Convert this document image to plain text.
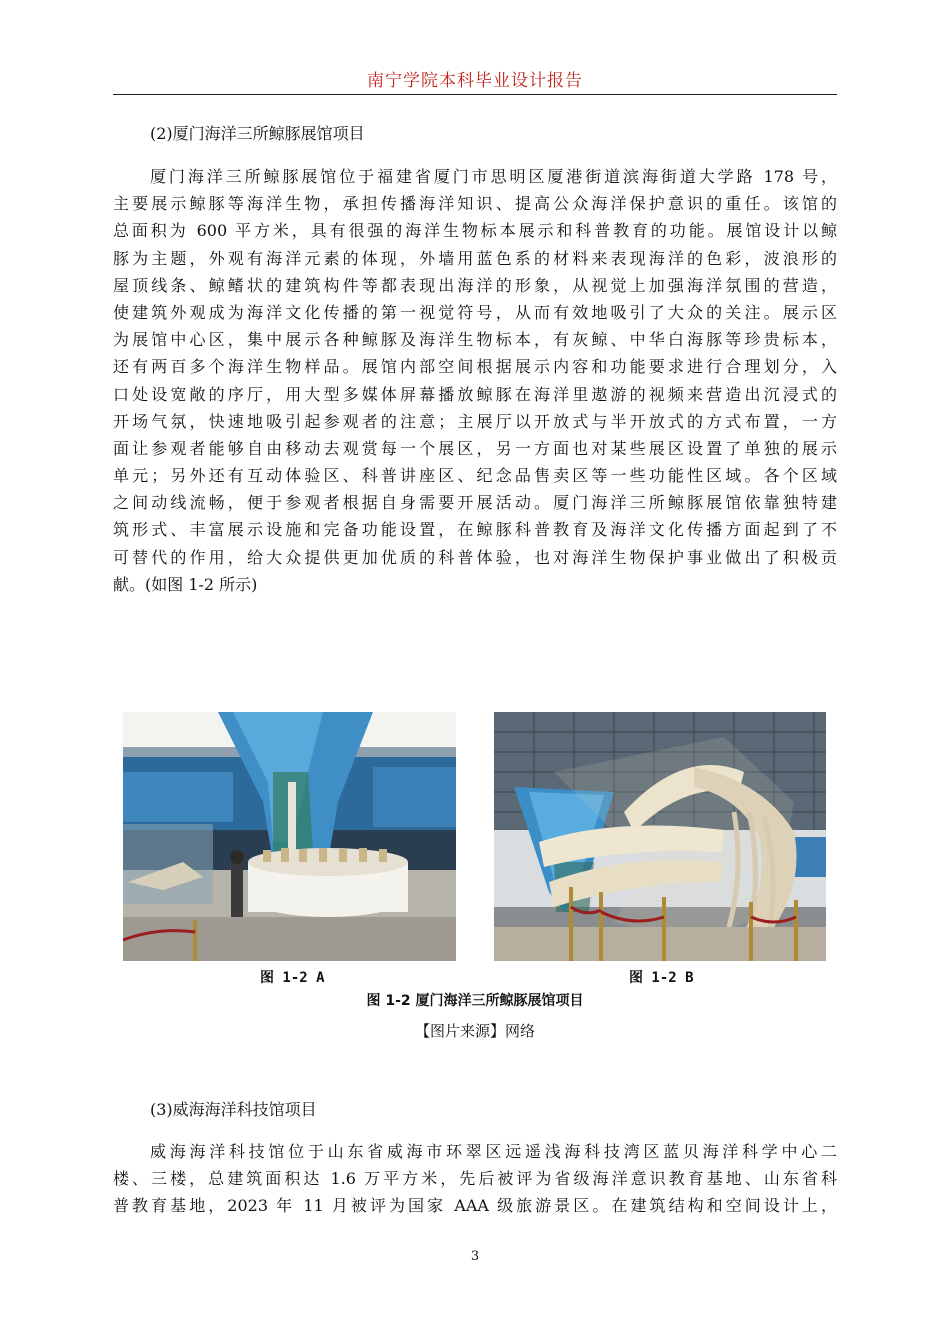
南宁学院本科毕业设计报告
(2)厦门海洋三所鲸豚展馆项目
厦门海洋三所鲸豚展馆位于福建省厦门市思明区厦港街道滨海街道大学路 178 号，
主要展示鲸豚等海洋生物，承担传播海洋知识、提高公众海洋保护意识的重任。该馆的
总面积为 600 平方米，具有很强的海洋生物标本展示和科普教育的功能。展馆设计以鲸
豚为主题，外观有海洋元素的体现，外墙用蓝色系的材料来表现海洋的色彩，波浪形的
屋顶线条、鲸鳍状的建筑构件等都表现出海洋的形象，从视觉上加强海洋氛围的营造，
使建筑外观成为海洋文化传播的第一视觉符号，从而有效地吸引了大众的关注。展示区
为展馆中心区，集中展示各种鲸豚及海洋生物标本，有灰鲸、中华白海豚等珍贵标本，
还有两百多个海洋生物样品。展馆内部空间根据展示内容和功能要求进行合理划分，入
口处设宽敞的序厅，用大型多媒体屏幕播放鲸豚在海洋里遨游的视频来营造出沉浸式的
开场气氛，快速地吸引起参观者的注意；主展厅以开放式与半开放式的方式布置，一方
面让参观者能够自由移动去观赏每一个展区，另一方面也对某些展区设置了单独的展示
单元；另外还有互动体验区、科普讲座区、纪念品售卖区等一些功能性区域。各个区域
之间动线流畅，便于参观者根据自身需要开展活动。厦门海洋三所鲸豚展馆依靠独特建
筑形式、丰富展示设施和完备功能设置，在鲸豚科普教育及海洋文化传播方面起到了不
可替代的作用，给大众提供更加优质的科普体验，也对海洋生物保护事业做出了积极贡
献。(如图 1-2 所示)
图 1-2 A	图 1-2 B
图 1-2 厦门海洋三所鲸豚展馆项目
【图片来源】网络
(3)威海海洋科技馆项目
威海海洋科技馆位于山东省威海市环翠区远遥浅海科技湾区蓝贝海洋科学中心二
楼、三楼，总建筑面积达 1.6 万平方米，先后被评为省级海洋意识教育基地、山东省科
普教育基地，2023 年 11 月被评为国家 AAA 级旅游景区。在建筑结构和空间设计上，
3
